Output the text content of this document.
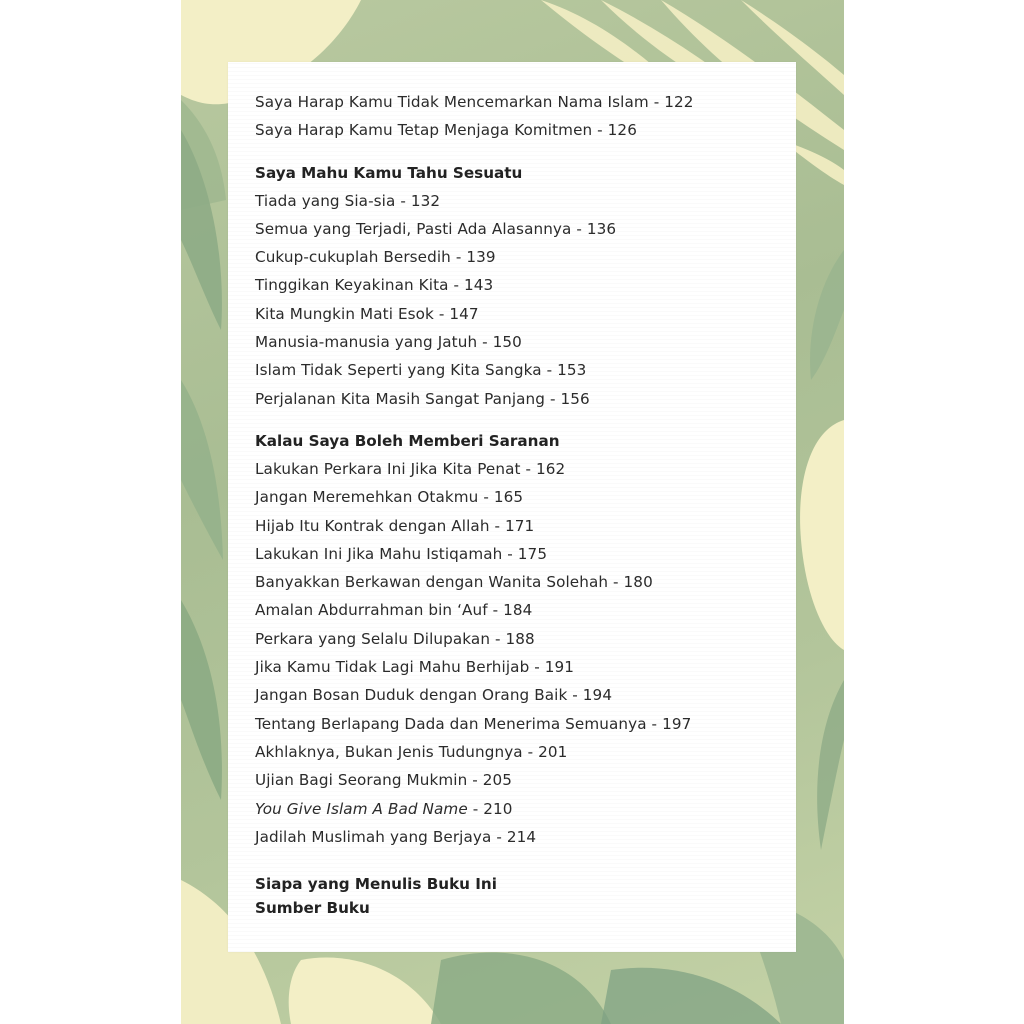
Saya Harap Kamu Tidak Mencemarkan Nama Islam - 122
Saya Harap Kamu Tetap Menjaga Komitmen - 126
Saya Mahu Kamu Tahu Sesuatu
Tiada yang Sia-sia - 132
Semua yang Terjadi, Pasti Ada Alasannya - 136
Cukup-cukuplah Bersedih - 139
Tinggikan Keyakinan Kita - 143
Kita Mungkin Mati Esok - 147
Manusia-manusia yang Jatuh - 150
Islam Tidak Seperti yang Kita Sangka - 153
Perjalanan Kita Masih Sangat Panjang - 156
Kalau Saya Boleh Memberi Saranan
Lakukan Perkara Ini Jika Kita Penat - 162
Jangan Meremehkan Otakmu - 165
Hijab Itu Kontrak dengan Allah - 171
Lakukan Ini Jika Mahu Istiqamah - 175
Banyakkan Berkawan dengan Wanita Solehah - 180
Amalan Abdurrahman bin ‘Auf - 184
Perkara yang Selalu Dilupakan - 188
Jika Kamu Tidak Lagi Mahu Berhijab - 191
Jangan Bosan Duduk dengan Orang Baik - 194
Tentang Berlapang Dada dan Menerima Semuanya - 197
Akhlaknya, Bukan Jenis Tudungnya - 201
Ujian Bagi Seorang Mukmin - 205
You Give Islam A Bad Name - 210
Jadilah Muslimah yang Berjaya - 214
Siapa yang Menulis Buku Ini
Sumber Buku
